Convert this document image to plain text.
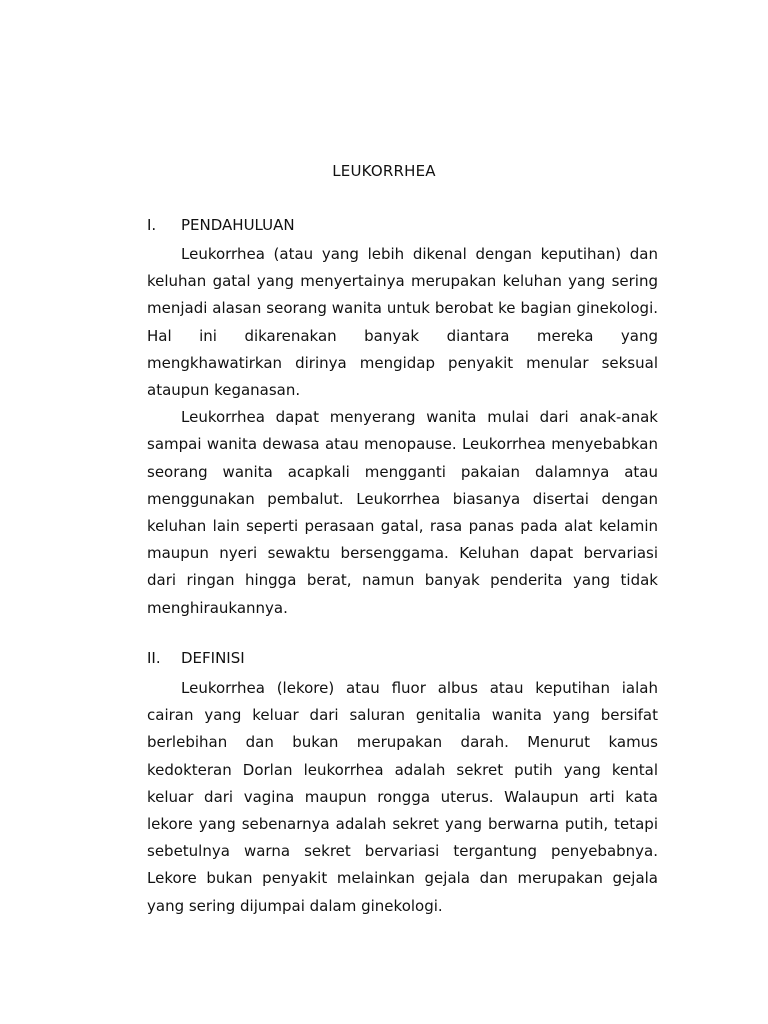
LEUKORRHEA
I. PENDAHULUAN

Leukorrhea (atau yang lebih dikenal dengan keputihan) dan keluhan gatal yang menyertainya merupakan keluhan yang sering menjadi alasan seorang wanita untuk berobat ke bagian ginekologi. Hal ini dikarenakan banyak diantara mereka yang mengkhawatirkan dirinya mengidap penyakit menular seksual ataupun keganasan.

Leukorrhea dapat menyerang wanita mulai dari anak-anak sampai wanita dewasa atau menopause. Leukorrhea menyebabkan seorang wanita acapkali mengganti pakaian dalamnya atau menggunakan pembalut. Leukorrhea biasanya disertai dengan keluhan lain seperti perasaan gatal, rasa panas pada alat kelamin maupun nyeri sewaktu bersenggama. Keluhan dapat bervariasi dari ringan hingga berat, namun banyak penderita yang tidak menghiraukannya.

II. DEFINISI

Leukorrhea (lekore) atau fluor albus atau keputihan ialah cairan yang keluar dari saluran genitalia wanita yang bersifat berlebihan dan bukan merupakan darah. Menurut kamus kedokteran Dorlan leukorrhea adalah sekret putih yang kental keluar dari vagina maupun rongga uterus. Walaupun arti kata lekore yang sebenarnya adalah sekret yang berwarna putih, tetapi sebetulnya warna sekret bervariasi tergantung penyebabnya. Lekore bukan penyakit melainkan gejala dan merupakan gejala yang sering dijumpai dalam ginekologi.
